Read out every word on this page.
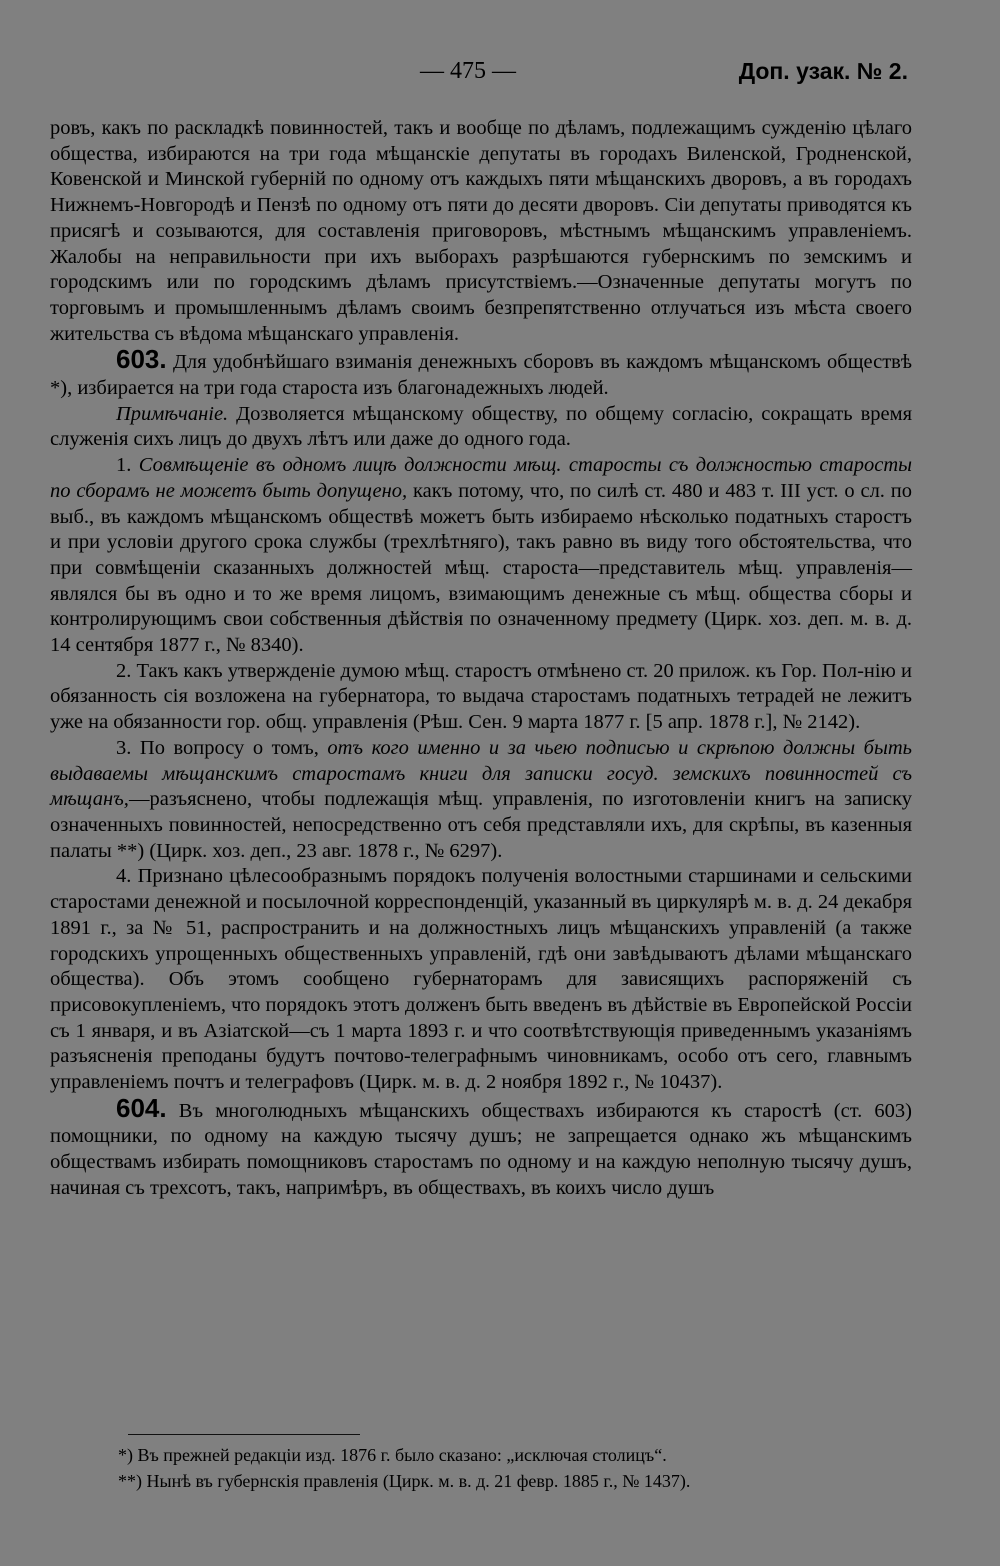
— 475 —	Доп. узак. № 2.

ровъ, какъ по раскладкѣ повинностей, такъ и вообще по дѣламъ, подлежащимъ сужденію цѣлаго общества, избираются на три года мѣщанскіе депутаты въ городахъ Виленской, Гродненской, Ковенской и Минской губерній по одному отъ каждыхъ пяти мѣщанскихъ дворовъ, а въ городахъ Нижнемъ-Новгородѣ и Пензѣ по одному отъ пяти до десяти дворовъ. Сіи депутаты приводятся къ присягѣ и созываются, для составленія приговоровъ, мѣстнымъ мѣщанскимъ управленіемъ. Жалобы на неправильности при ихъ выборахъ разрѣшаются губернскимъ по земскимъ и городскимъ или по городскимъ дѣламъ присутствіемъ.—Означенные депутаты могутъ по торговымъ и промышленнымъ дѣламъ своимъ безпрепятственно отлучаться изъ мѣста своего жительства съ вѣдома мѣщанскаго управленія.

603. Для удобнѣйшаго взиманія денежныхъ сборовъ въ каждомъ мѣщанскомъ обществѣ *), избирается на три года староста изъ благонадежныхъ людей.

Примѣчаніе. Дозволяется мѣщанскому обществу, по общему согласію, сокращать время служенія сихъ лицъ до двухъ лѣтъ или даже до одного года.

1. Совмѣщеніе въ одномъ лицѣ должности мѣщ. старосты съ должностью старосты по сборамъ не можетъ быть допущено, какъ потому, что, по силѣ ст. 480 и 483 т. III уст. о сл. по выб., въ каждомъ мѣщанскомъ обществѣ можетъ быть избираемо нѣсколько податныхъ старостъ и при условіи другого срока службы (трехлѣтняго), такъ равно въ виду того обстоятельства, что при совмѣщеніи сказанныхъ должностей мѣщ. староста—представитель мѣщ. управленія—являлся бы въ одно и то же время лицомъ, взимающимъ денежные съ мѣщ. общества сборы и контролирующимъ свои собственныя дѣйствія по означенному предмету (Цирк. хоз. деп. м. в. д. 14 сентября 1877 г., № 8340).

2. Такъ какъ утвержденіе думою мѣщ. старостъ отмѣнено ст. 20 прилож. къ Гор. Пол-нію и обязанность сія возложена на губернатора, то выдача старостамъ податныхъ тетрадей не лежитъ уже на обязанности гор. общ. управленія (Рѣш. Сен. 9 марта 1877 г. [5 апр. 1878 г.], № 2142).

3. По вопросу о томъ, отъ кого именно и за чьею подписью и скрѣпою должны быть выдаваемы мѣщанскимъ старостамъ книги для записки госуд. земскихъ повинностей съ мѣщанъ,—разъяснено, чтобы подлежащія мѣщ. управленія, по изготовленіи книгъ на записку означенныхъ повинностей, непосредственно отъ себя представляли ихъ, для скрѣпы, въ казенныя палаты **) (Цирк. хоз. деп., 23 авг. 1878 г., № 6297).

4. Признано цѣлесообразнымъ порядокъ полученія волостными старшинами и сельскими старостами денежной и посылочной корреспонденцій, указанный въ циркулярѣ м. в. д. 24 декабря 1891 г., за № 51, распространить и на должностныхъ лицъ мѣщанскихъ управленій (а также городскихъ упрощенныхъ общественныхъ управленій, гдѣ они завѣдываютъ дѣлами мѣщанскаго общества). Объ этомъ сообщено губернаторамъ для зависящихъ распоряженій съ присовокупленіемъ, что порядокъ этотъ долженъ быть введенъ въ дѣйствіе въ Европейской Россіи съ 1 января, и въ Азіатской—съ 1 марта 1893 г. и что соотвѣтствующія приведеннымъ указаніямъ разъясненія преподаны будутъ почтово-телеграфнымъ чиновникамъ, особо отъ сего, главнымъ управленіемъ почтъ и телеграфовъ (Цирк. м. в. д. 2 ноября 1892 г., № 10437).

604. Въ многолюдныхъ мѣщанскихъ обществахъ избираются къ старостѣ (ст. 603) помощники, по одному на каждую тысячу душъ; не запрещается однако жъ мѣщанскимъ обществамъ избирать помощниковъ старостамъ по одному и на каждую неполную тысячу душъ, начиная съ трехсотъ, такъ, напримѣръ, въ обществахъ, въ коихъ число душъ

*) Въ прежней редакціи изд. 1876 г. было сказано: „исключая столицъ“.
**) Нынѣ въ губернскія правленія (Цирк. м. в. д. 21 февр. 1885 г., № 1437).
